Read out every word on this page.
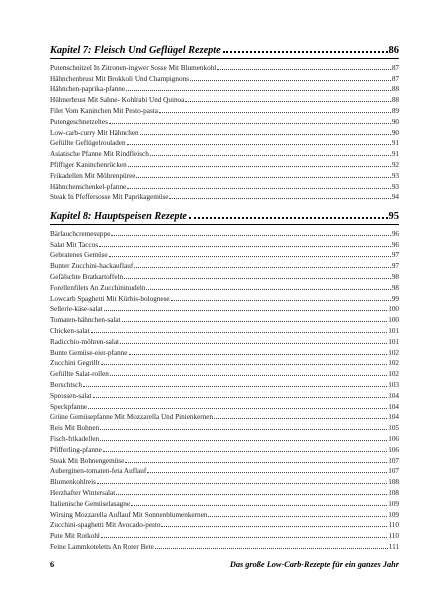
Kapitel 7: Fleisch Und Geflügel Rezepte	86
Putenschnitzel In Zitronen-ingwer Sosse Mit Blumenkohl	87
Hähnchenbrust Mit Brokkoli Und Champignons	87
Hähnchen-paprika-pfanne	88
Hühnerbrust Mit Sahne- Kohlrabi Und Quinoa	88
Filet Vom Kaninchen Mit Pesto-pasta	89
Putengeschnetzeltes	90
Low-carb-curry Mit Hähnchen	90
Gefüllte Geflügelrouladen	91
Asiatische Pfanne Mit Rindfleisch	91
Pfiffiger Kaninchenrücken	92
Frikadellen Mit Möhrenpüree	93
Hähnchenschenkel-pfanne	93
Steak In Pfeffersosse Mit Paprikagemüse	94
Kapitel 8: Hauptspeisen Rezepte	95
Bärlauchcremesuppe	96
Salat Mit Taccos	96
Gebratenes Gemüse	97
Bunter Zucchini-hackauflauf	97
Gefälschte Bratkartoffeln	98
Forellenfilets An Zucchininudeln	98
Lowcarb Spaghetti Mit Kürbis-bolognese	99
Sellerie-käse-salat	100
Tomaten-hähnchen-salat	100
Chicken-salat	101
Radicchio-möhren-salat	101
Bunte Gemüse-eier-pfanne	102
Zucchini Gegrillt	102
Gefüllte Salat-rollen	102
Borschtsch	103
Sprossen-salat	104
Speckpfanne	104
Grüne Gemüsepfanne Mit Mozzarella Und Pinienkernen	104
Reis Mit Bohnen	105
Fisch-frikadellen	106
Pfifferling-pfanne	106
Steak Mit Bohnengemüse	107
Auberginen-tomaten-feta Auflauf	107
Blumenkohlreis	108
Herzhafter Wintersalat	108
Italienische Gemüselasagne	109
Wirsing Mozzarella Auflauf Mit Sonnenblumenkernen	109
Zucchini-spaghetti Mit Avocado-pesto	110
Pute Mit Rotkohl	110
Feine Lammkoteletts An Roter Bete	111
6	Das große Low-Carb-Rezepte für ein ganzes Jahr
